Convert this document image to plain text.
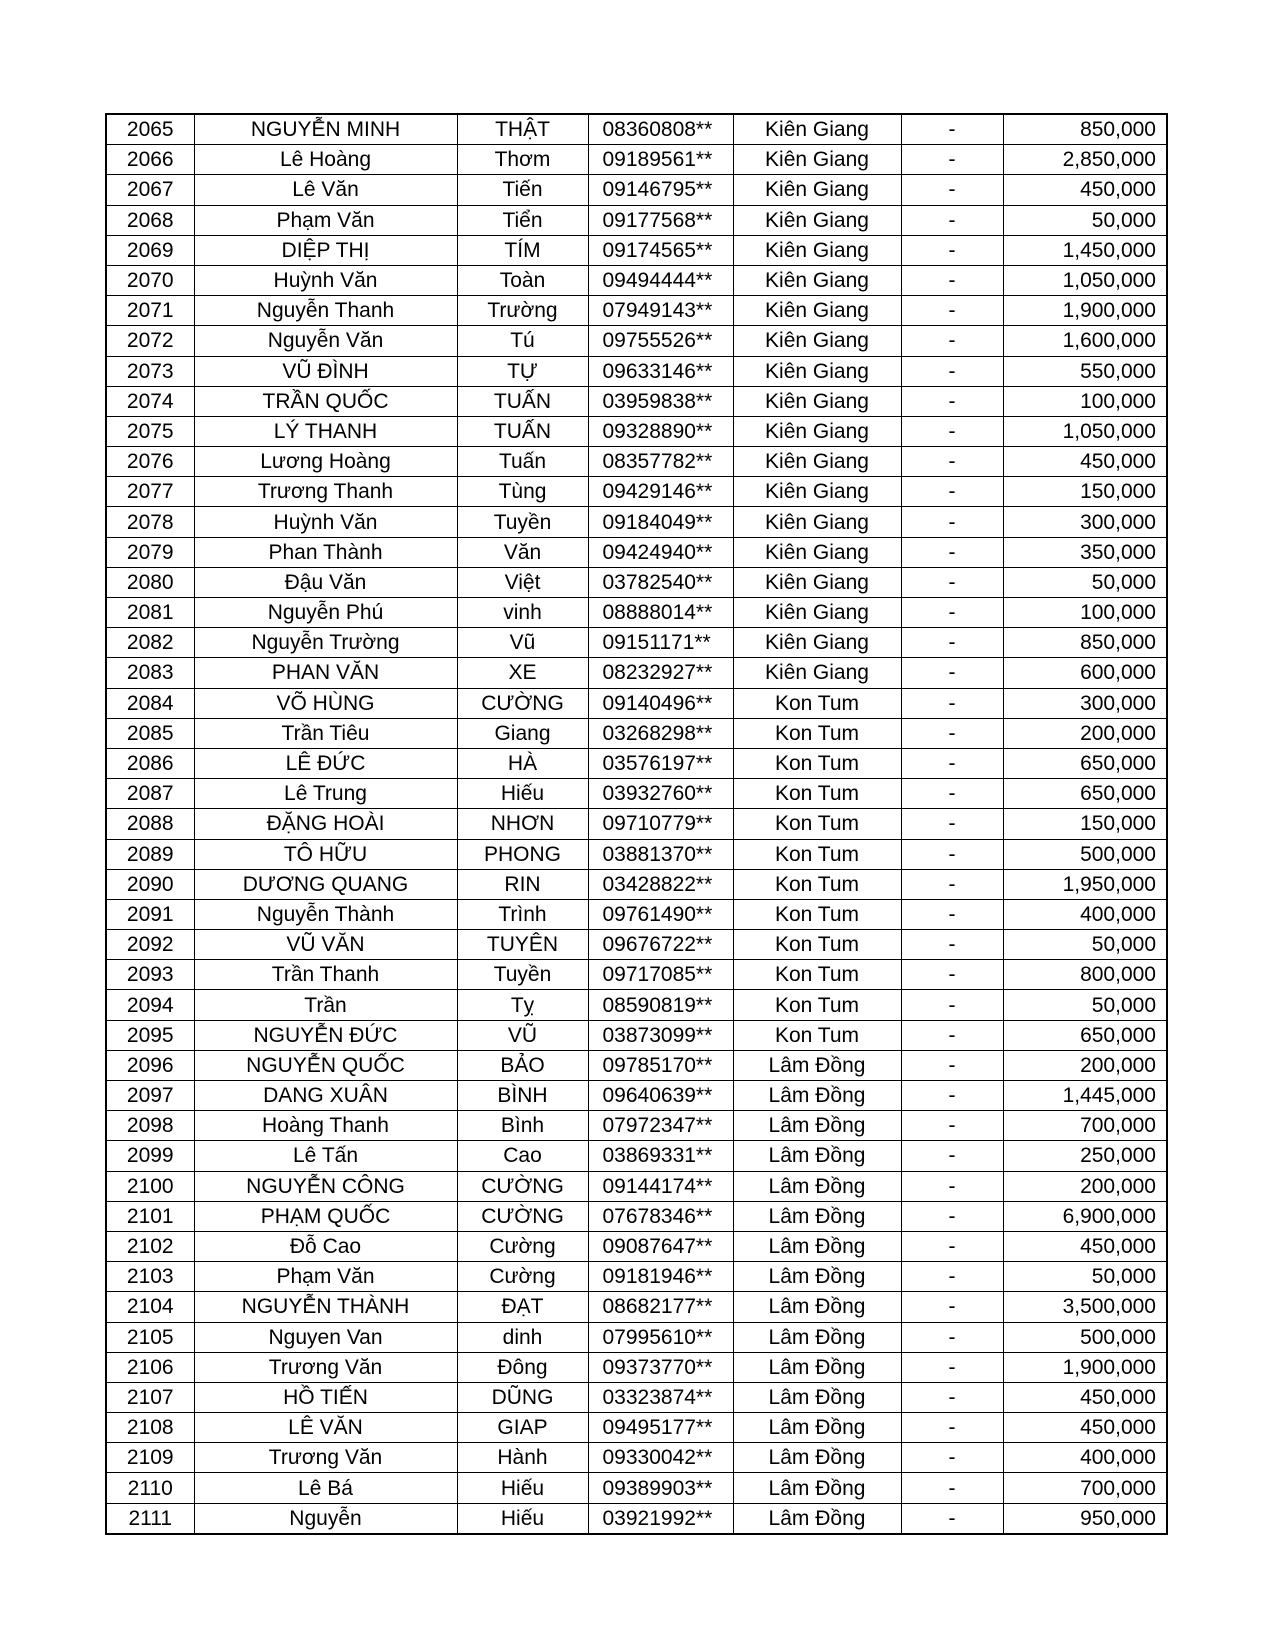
2065	NGUYỄN MINH	THẬT	08360808**	Kiên Giang	-	850,000
2066	Lê Hoàng	Thơm	09189561**	Kiên Giang	-	2,850,000
2067	Lê Văn	Tiến	09146795**	Kiên Giang	-	450,000
2068	Phạm Văn	Tiển	09177568**	Kiên Giang	-	50,000
2069	DIỆP THỊ	TÍM	09174565**	Kiên Giang	-	1,450,000
2070	Huỳnh Văn	Toàn	09494444**	Kiên Giang	-	1,050,000
2071	Nguyễn Thanh	Trường	07949143**	Kiên Giang	-	1,900,000
2072	Nguyễn Văn	Tú	09755526**	Kiên Giang	-	1,600,000
2073	VŨ ĐÌNH	TỰ	09633146**	Kiên Giang	-	550,000
2074	TRẦN QUỐC	TUẤN	03959838**	Kiên Giang	-	100,000
2075	LÝ THANH	TUẤN	09328890**	Kiên Giang	-	1,050,000
2076	Lương Hoàng	Tuấn	08357782**	Kiên Giang	-	450,000
2077	Trương Thanh	Tùng	09429146**	Kiên Giang	-	150,000
2078	Huỳnh Văn	Tuyền	09184049**	Kiên Giang	-	300,000
2079	Phan Thành	Văn	09424940**	Kiên Giang	-	350,000
2080	Đậu Văn	Việt	03782540**	Kiên Giang	-	50,000
2081	Nguyễn Phú	vinh	08888014**	Kiên Giang	-	100,000
2082	Nguyễn Trường	Vũ	09151171**	Kiên Giang	-	850,000
2083	PHAN VĂN	XE	08232927**	Kiên Giang	-	600,000
2084	VÕ HÙNG	CƯỜNG	09140496**	Kon Tum	-	300,000
2085	Trần Tiêu	Giang	03268298**	Kon Tum	-	200,000
2086	LÊ ĐỨC	HÀ	03576197**	Kon Tum	-	650,000
2087	Lê Trung	Hiếu	03932760**	Kon Tum	-	650,000
2088	ĐẶNG HOÀI	NHƠN	09710779**	Kon Tum	-	150,000
2089	TÔ HỮU	PHONG	03881370**	Kon Tum	-	500,000
2090	DƯƠNG QUANG	RIN	03428822**	Kon Tum	-	1,950,000
2091	Nguyễn Thành	Trình	09761490**	Kon Tum	-	400,000
2092	VŨ VĂN	TUYÊN	09676722**	Kon Tum	-	50,000
2093	Trần Thanh	Tuyền	09717085**	Kon Tum	-	800,000
2094	Trần	Tỵ	08590819**	Kon Tum	-	50,000
2095	NGUYỄN ĐỨC	VŨ	03873099**	Kon Tum	-	650,000
2096	NGUYỄN QUỐC	BẢO	09785170**	Lâm Đồng	-	200,000
2097	DANG XUÂN	BÌNH	09640639**	Lâm Đồng	-	1,445,000
2098	Hoàng Thanh	Bình	07972347**	Lâm Đồng	-	700,000
2099	Lê Tấn	Cao	03869331**	Lâm Đồng	-	250,000
2100	NGUYỄN CÔNG	CƯỜNG	09144174**	Lâm Đồng	-	200,000
2101	PHẠM QUỐC	CƯỜNG	07678346**	Lâm Đồng	-	6,900,000
2102	Đỗ Cao	Cường	09087647**	Lâm Đồng	-	450,000
2103	Phạm Văn	Cường	09181946**	Lâm Đồng	-	50,000
2104	NGUYỄN THÀNH	ĐẠT	08682177**	Lâm Đồng	-	3,500,000
2105	Nguyen Van	dinh	07995610**	Lâm Đồng	-	500,000
2106	Trương Văn	Đông	09373770**	Lâm Đồng	-	1,900,000
2107	HỒ TIẾN	DŨNG	03323874**	Lâm Đồng	-	450,000
2108	LÊ VĂN	GIAP	09495177**	Lâm Đồng	-	450,000
2109	Trương Văn	Hành	09330042**	Lâm Đồng	-	400,000
2110	Lê Bá	Hiếu	09389903**	Lâm Đồng	-	700,000
2111	Nguyễn	Hiếu	03921992**	Lâm Đồng	-	950,000
